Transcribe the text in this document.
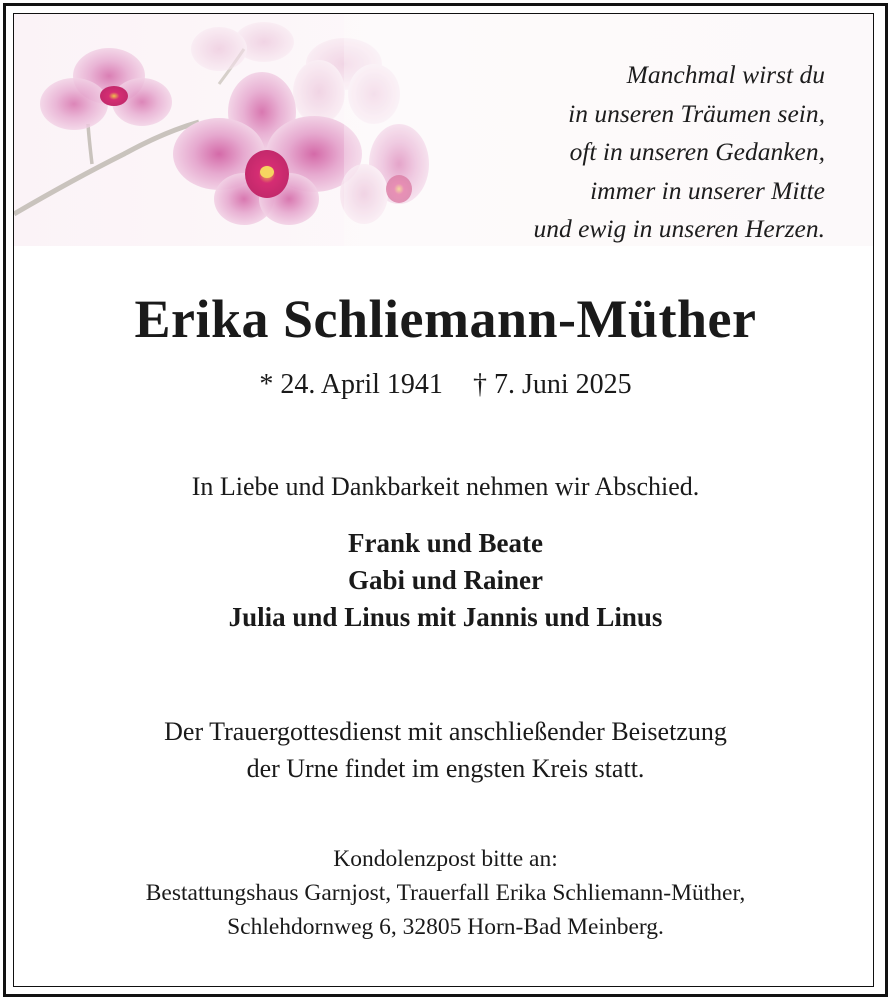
Manchmal wirst du
in unseren Träumen sein,
oft in unseren Gedanken,
immer in unserer Mitte
und ewig in unseren Herzen.
Erika Schliemann-Müther
* 24. April 1941 † 7. Juni 2025
In Liebe und Dankbarkeit nehmen wir Abschied.
Frank und Beate
Gabi und Rainer
Julia und Linus mit Jannis und Linus
Der Trauergottesdienst mit anschließender Beisetzung
der Urne findet im engsten Kreis statt.
Kondolenzpost bitte an:
Bestattungshaus Garnjost, Trauerfall Erika Schliemann-Müther,
Schlehdornweg 6, 32805 Horn-Bad Meinberg.
